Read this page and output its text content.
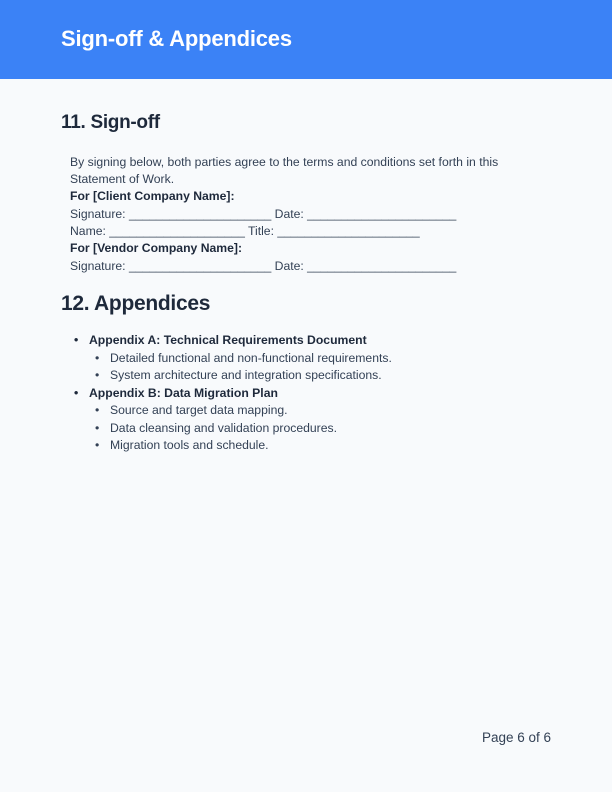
Sign-off & Appendices
11. Sign-off
By signing below, both parties agree to the terms and conditions set forth in this Statement of Work.
For [Client Company Name]:
Signature: _____________________ Date: ______________________
Name: ____________________ Title: _____________________
For [Vendor Company Name]:
Signature: _____________________ Date: ______________________
12. Appendices
• Appendix A: Technical Requirements Document
• Detailed functional and non-functional requirements.
• System architecture and integration specifications.
• Appendix B: Data Migration Plan
• Source and target data mapping.
• Data cleansing and validation procedures.
• Migration tools and schedule.
Page 6 of 6
